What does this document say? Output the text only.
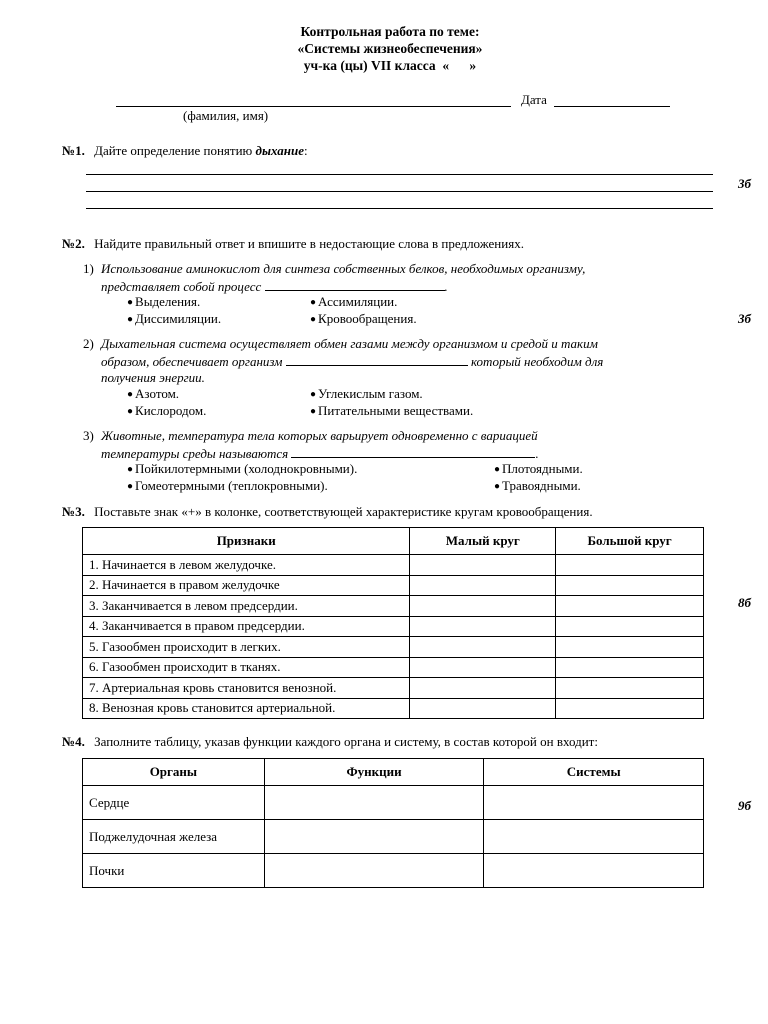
Контрольная работа по теме:
«Системы жизнеобеспечения»
уч-ка (цы) VII класса  «      »
Дата
(фамилия, имя)
№1. Дайте определение понятию дыхание:
3б
№2. Найдите правильный ответ и впишите в недостающие слова в предложениях.
3б
1) Использование аминокислот для синтеза собственных белков, необходимых организму,
представляет собой процесс	.
● Выделения.	● Ассимиляции.
● Диссимиляции.	● Кровообращения.
2) Дыхательная система осуществляет обмен газами между организмом и средой и таким
образом, обеспечивает организм	который необходим для
получения энергии.
● Азотом.	● Углекислым газом.
● Кислородом.	● Питательными веществами.
3) Животные, температура тела которых варьирует одновременно с вариацией
температуры среды называются	.
● Пойкилотермными (холоднокровными).	● Плотоядными.
● Гомеотермными (теплокровными).	● Травоядными.
№3. Поставьте знак «+» в колонке, соответствующей характеристике кругам кровообращения.
8б
Признаки	Малый круг	Большой круг
1. Начинается в левом желудочке.		
2. Начинается в правом желудочке		
3. Заканчивается в левом предсердии.		
4. Заканчивается в правом предсердии.		
5. Газообмен происходит в легких.		
6. Газообмен происходит в тканях.		
7. Артериальная кровь становится венозной.		
8. Венозная кровь становится артериальной.		
№4. Заполните таблицу, указав функции каждого органа и систему, в состав которой он входит:
9б
Органы	Функции	Системы
Сердце		
Поджелудочная железа		
Почки		
